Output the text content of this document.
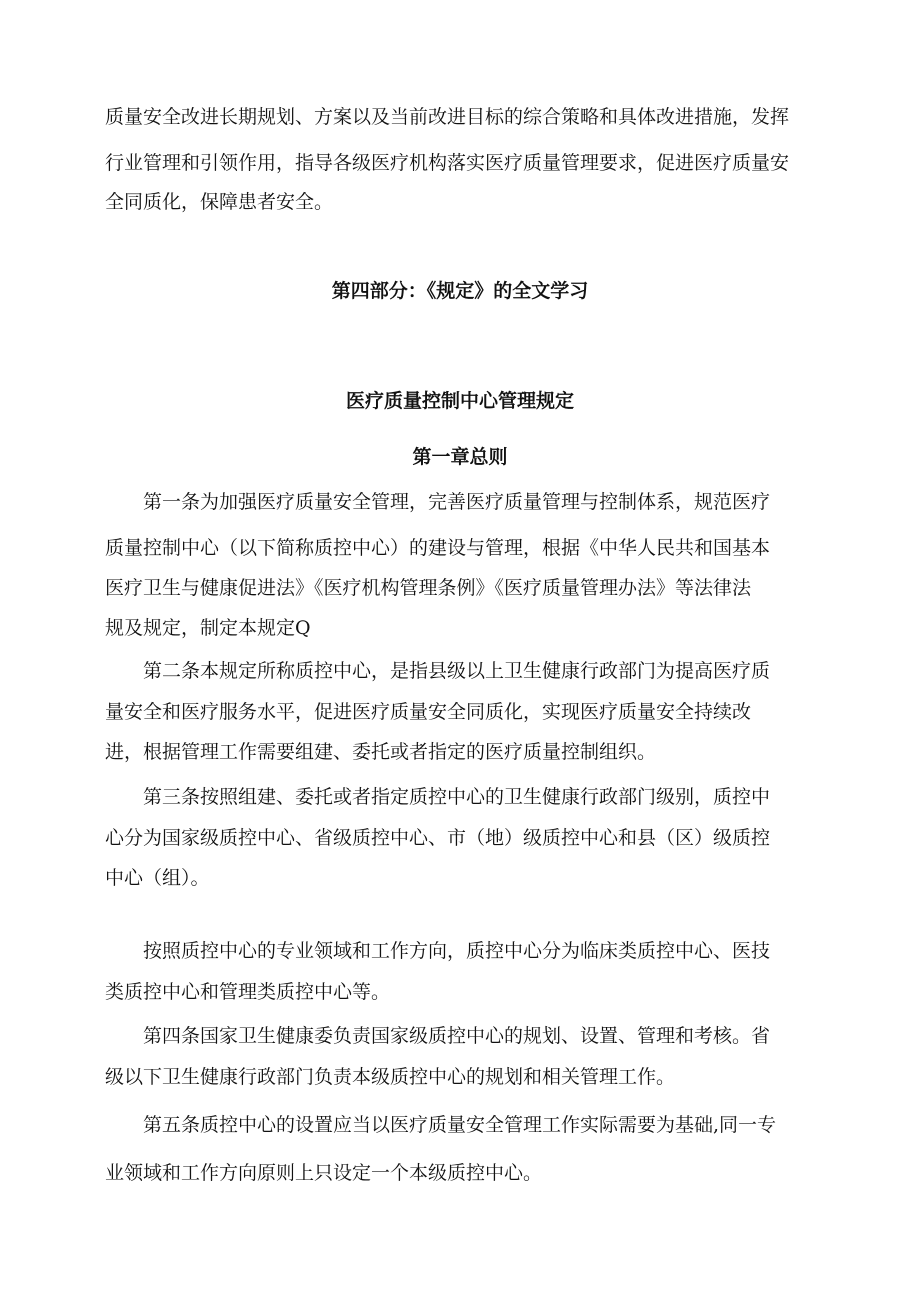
质量安全改进长期规划、方案以及当前改进目标的综合策略和具体改进措施，发挥
行业管理和引领作用，指导各级医疗机构落实医疗质量管理要求，促进医疗质量安
全同质化，保障患者安全。
第四部分：《规定》的全文学习
医疗质量控制中心管理规定
第一章总则
第一条为加强医疗质量安全管理，完善医疗质量管理与控制体系，规范医疗
质量控制中心（以下简称质控中心）的建设与管理，根据《中华人民共和国基本
医疗卫生与健康促进法》《医疗机构管理条例》《医疗质量管理办法》等法律法
规及规定，制定本规定Q
第二条本规定所称质控中心，是指县级以上卫生健康行政部门为提高医疗质
量安全和医疗服务水平，促进医疗质量安全同质化，实现医疗质量安全持续改
进，根据管理工作需要组建、委托或者指定的医疗质量控制组织。
第三条按照组建、委托或者指定质控中心的卫生健康行政部门级别，质控中
心分为国家级质控中心、省级质控中心、市（地）级质控中心和县（区）级质控
中心（组）。
按照质控中心的专业领域和工作方向，质控中心分为临床类质控中心、医技
类质控中心和管理类质控中心等。
第四条国家卫生健康委负责国家级质控中心的规划、设置、管理和考核。省
级以下卫生健康行政部门负责本级质控中心的规划和相关管理工作。
第五条质控中心的设置应当以医疗质量安全管理工作实际需要为基础,同一专
业领域和工作方向原则上只设定一个本级质控中心。
